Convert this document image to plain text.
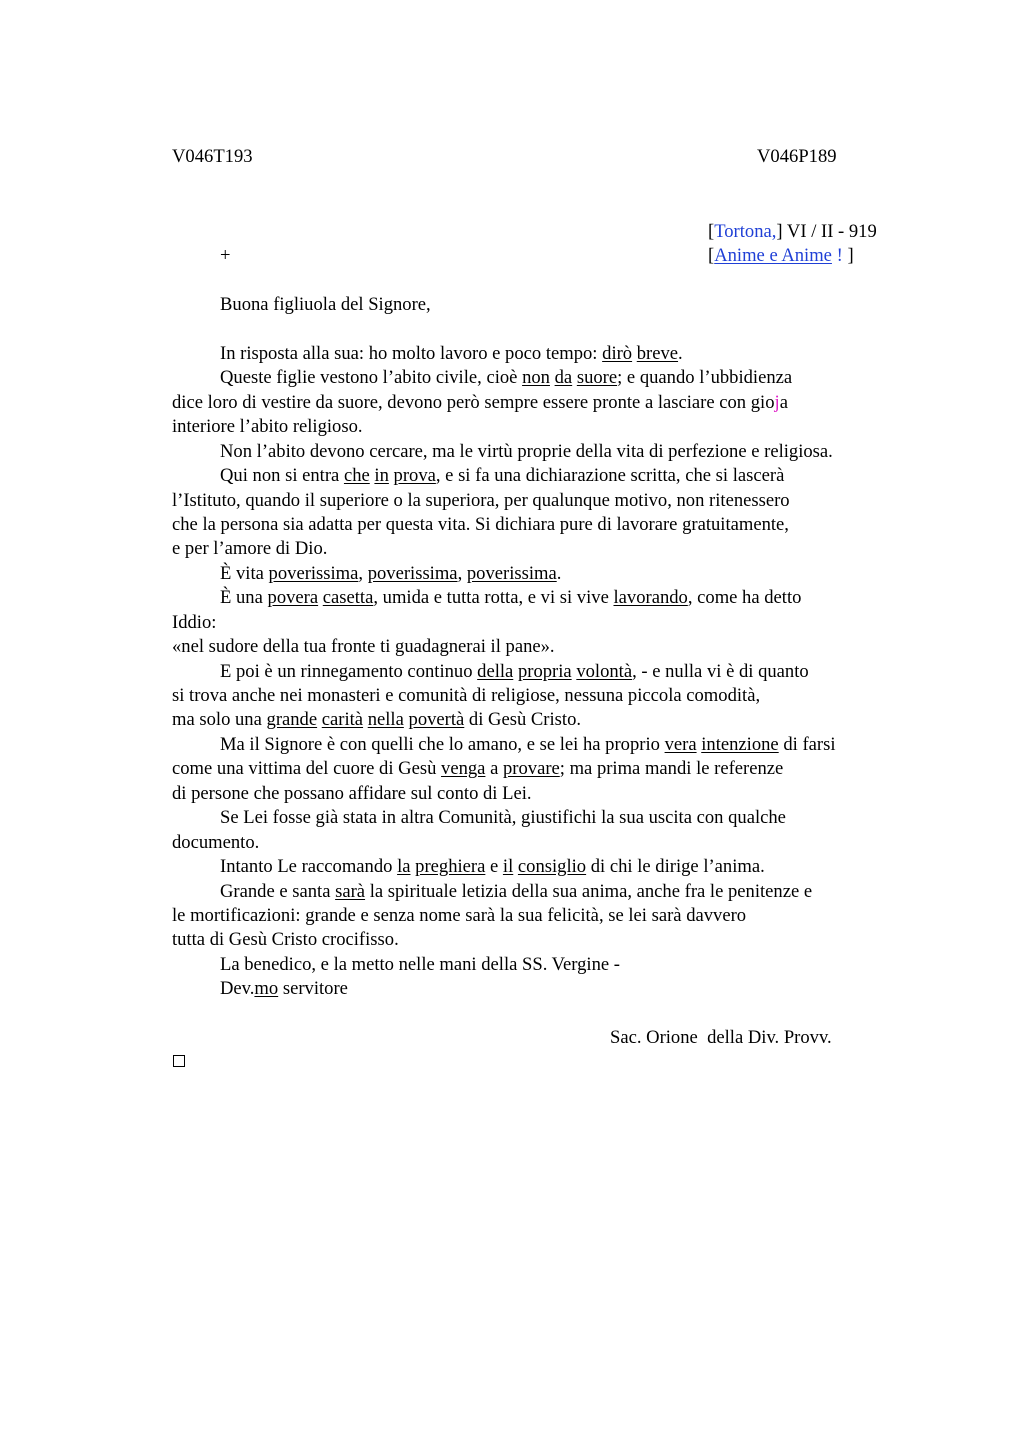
V046T193	V046P189
[Tortona,] VI / II - 919
+	[Anime e Anime ! ]
Buona figliuola del Signore,
In risposta alla sua: ho molto lavoro e poco tempo: dirò breve.
Queste figlie vestono l’abito civile, cioè non da suore; e quando l’ubbidienza
dice loro di vestire da suore, devono però sempre essere pronte a lasciare con gioja
interiore l’abito religioso.
Non l’abito devono cercare, ma le virtù proprie della vita di perfezione e religiosa.
Qui non si entra che in prova, e si fa una dichiarazione scritta, che si lascerà
l’Istituto, quando il superiore o la superiora, per qualunque motivo, non ritenessero
che la persona sia adatta per questa vita. Si dichiara pure di lavorare gratuitamente,
e per l’amore di Dio.
È vita poverissima, poverissima, poverissima.
È una povera casetta, umida e tutta rotta, e vi si vive lavorando, come ha detto
Iddio:
«nel sudore della tua fronte ti guadagnerai il pane».
E poi è un rinnegamento continuo della propria volontà, - e nulla vi è di quanto
si trova anche nei monasteri e comunità di religiose, nessuna piccola comodità,
ma solo una grande carità nella povertà di Gesù Cristo.
Ma il Signore è con quelli che lo amano, e se lei ha proprio vera intenzione di farsi
come una vittima del cuore di Gesù venga a provare; ma prima mandi le referenze
di persone che possano affidare sul conto di Lei.
Se Lei fosse già stata in altra Comunità, giustifichi la sua uscita con qualche
documento.
Intanto Le raccomando la preghiera e il consiglio di chi le dirige l’anima.
Grande e santa sarà la spirituale letizia della sua anima, anche fra le penitenze e
le mortificazioni: grande e senza nome sarà la sua felicità, se lei sarà davvero
tutta di Gesù Cristo crocifisso.
La benedico, e la metto nelle mani della SS. Vergine -
Dev.mo servitore
Sac. Orione  della Div. Provv.
